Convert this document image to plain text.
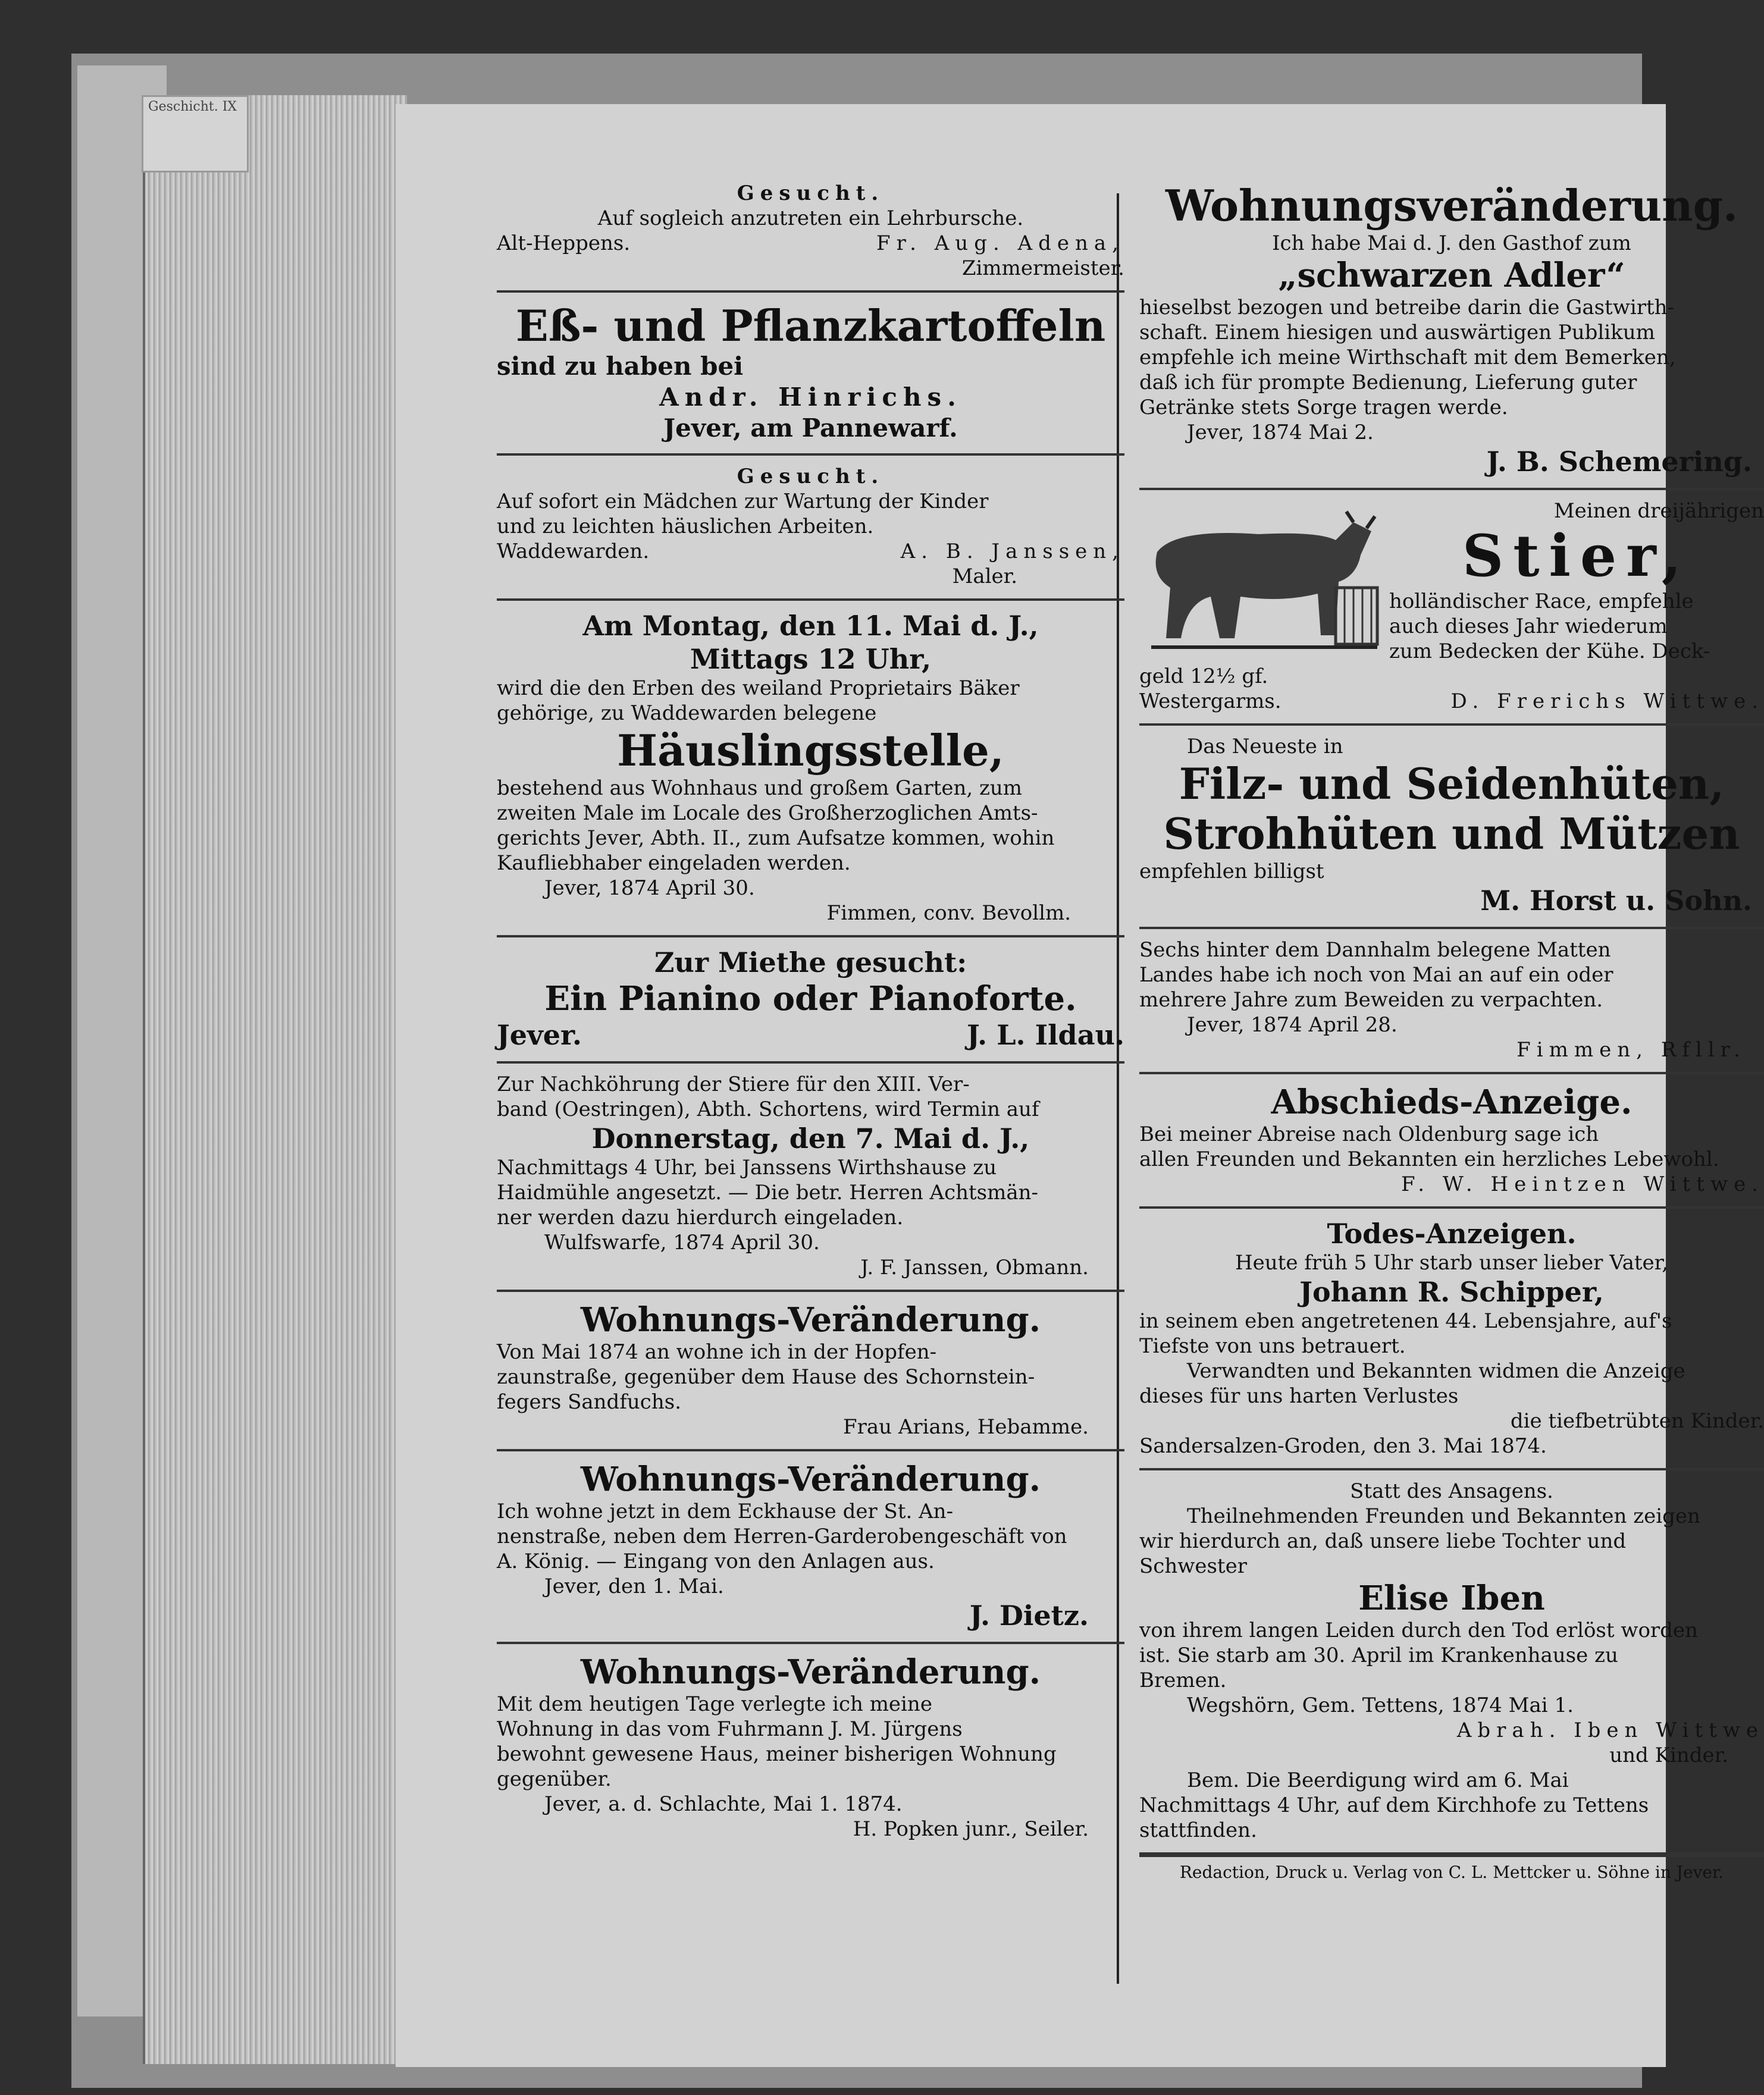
Geschicht. IX
Gesucht.
Auf sogleich anzutreten ein Lehrbursche.
Alt-Heppens.	Fr. Aug. Adena,
Zimmermeister.
Eß- und Pflanzkartoffeln
sind zu haben bei
Andr. Hinrichs.
Jever, am Pannewarf.
Gesucht.
Auf sofort ein Mädchen zur Wartung der Kinder
und zu leichten häuslichen Arbeiten.
Waddewarden.	A. B. Janssen,
Maler.
Am Montag, den 11. Mai d. J.,
Mittags 12 Uhr,
wird die den Erben des weiland Proprietairs Bäker
gehörige, zu Waddewarden belegene
Häuslingsstelle,
bestehend aus Wohnhaus und großem Garten, zum
zweiten Male im Locale des Großherzoglichen Amts-
gerichts Jever, Abth. II., zum Aufsatze kommen, wohin
Kaufliebhaber eingeladen werden.
Jever, 1874 April 30.
Fimmen, conv. Bevollm.
Zur Miethe gesucht:
Ein Pianino oder Pianoforte.
Jever.	J. L. Ildau.
Zur Nachköhrung der Stiere für den XIII. Ver-
band (Oestringen), Abth. Schortens, wird Termin auf
Donnerstag, den 7. Mai d. J.,
Nachmittags 4 Uhr, bei Janssens Wirthshause zu
Haidmühle angesetzt. — Die betr. Herren Achtsmän-
ner werden dazu hierdurch eingeladen.
Wulfswarfe, 1874 April 30.
J. F. Janssen, Obmann.
Wohnungs-Veränderung.
Von Mai 1874 an wohne ich in der Hopfen-
zaunstraße, gegenüber dem Hause des Schornstein-
fegers Sandfuchs.
Frau Arians, Hebamme.
Wohnungs-Veränderung.
Ich wohne jetzt in dem Eckhause der St. An-
nenstraße, neben dem Herren-Garderobengeschäft von
A. König. — Eingang von den Anlagen aus.
Jever, den 1. Mai.
J. Dietz.
Wohnungs-Veränderung.
Mit dem heutigen Tage verlegte ich meine
Wohnung in das vom Fuhrmann J. M. Jürgens
bewohnt gewesene Haus, meiner bisherigen Wohnung
gegenüber.
Jever, a. d. Schlachte, Mai 1. 1874.
H. Popken junr., Seiler.
Wohnungsveränderung.
Ich habe Mai d. J. den Gasthof zum
„schwarzen Adler“
hieselbst bezogen und betreibe darin die Gastwirth-
schaft. Einem hiesigen und auswärtigen Publikum
empfehle ich meine Wirthschaft mit dem Bemerken,
daß ich für prompte Bedienung, Lieferung guter
Getränke stets Sorge tragen werde.
Jever, 1874 Mai 2.
J. B. Schemering.
Meinen dreijährigen
Stier,
holländischer Race, empfehle
auch dieses Jahr wiederum
zum Bedecken der Kühe. Deck-
geld 12½ gf.
Westergarms.	D. Frerichs Wittwe.
Das Neueste in
Filz- und Seidenhüten,
Strohhüten und Mützen
empfehlen billigst
M. Horst u. Sohn.
Sechs hinter dem Dannhalm belegene Matten
Landes habe ich noch von Mai an auf ein oder
mehrere Jahre zum Beweiden zu verpachten.
Jever, 1874 April 28.
Fimmen, Rfllr.
Abschieds-Anzeige.
Bei meiner Abreise nach Oldenburg sage ich
allen Freunden und Bekannten ein herzliches Lebewohl.
F. W. Heintzen Wittwe.
Todes-Anzeigen.
Heute früh 5 Uhr starb unser lieber Vater,
Johann R. Schipper,
in seinem eben angetretenen 44. Lebensjahre, auf's
Tiefste von uns betrauert.
Verwandten und Bekannten widmen die Anzeige
dieses für uns harten Verlustes
die tiefbetrübten Kinder.
Sandersalzen-Groden, den 3. Mai 1874.
Statt des Ansagens.
Theilnehmenden Freunden und Bekannten zeigen
wir hierdurch an, daß unsere liebe Tochter und
Schwester
Elise Iben
von ihrem langen Leiden durch den Tod erlöst worden
ist. Sie starb am 30. April im Krankenhause zu
Bremen.
Wegshörn, Gem. Tettens, 1874 Mai 1.
Abrah. Iben Wittwe
und Kinder.
Bem. Die Beerdigung wird am 6. Mai
Nachmittags 4 Uhr, auf dem Kirchhofe zu Tettens
stattfinden.
Redaction, Druck u. Verlag von C. L. Mettcker u. Söhne in Jever.
